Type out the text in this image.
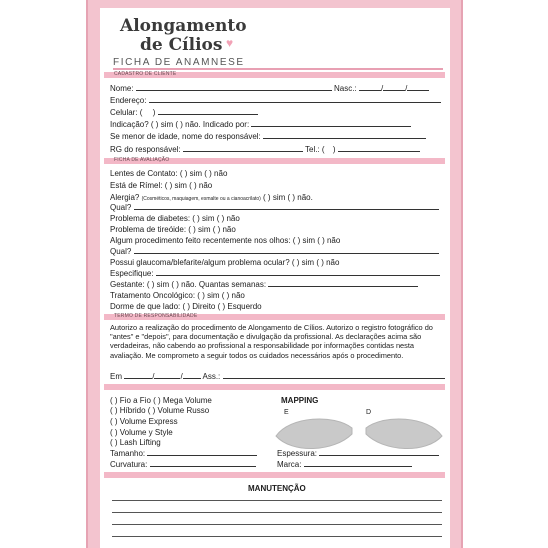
Alongamento
de Cílios ♥
FICHA DE ANAMNESE
CADASTRO DE CLIENTE
Nome:	Nasc.:	/	/
Endereço:
Celular: ( )
Indicação? ( ) sim ( ) não. Indicado por:
Se menor de idade, nome do responsável:
RG do responsável:	Tel.: ( )
FICHA DE AVALIAÇÃO
Lentes de Contato: ( ) sim ( ) não
Está de Rímel: ( ) sim ( ) não
Alergia? (Cosméticos, maquiagem, esmalte ou a cianoacrilato) ( ) sim ( ) não.
Qual?
Problema de diabetes: ( ) sim ( ) não
Problema de tireóide: ( ) sim ( ) não
Algum procedimento feito recentemente nos olhos: ( ) sim ( ) não
Qual?
Possui glaucoma/blefarite/algum problema ocular? ( ) sim ( ) não
Especifique:
Gestante: ( ) sim ( ) não. Quantas semanas:
Tratamento Oncológico: ( ) sim ( ) não
Dorme de que lado: ( ) Direito ( ) Esquerdo
TERMO DE RESPONSABILIDADE
Autorizo a realização do procedimento de Alongamento de Cílios. Autorizo o registro fotográfico do "antes" e "depois", para documentação e divulgação da profissional. As declarações acima são verdadeiras, não cabendo ao profissional a responsabilidade por informações contidas nesta avaliação. Me comprometo a seguir todos os cuidados necessários após o procedimento.
Em	/	/ Ass.:
( ) Fio a Fio ( ) Mega Volume
( ) Híbrido ( ) Volume Russo
( ) Volume Express
( ) Volume y Style
( ) Lash Lifting
Tamanho:
Curvatura:
Espessura:
Marca:
MAPPING
E	D
MANUTENÇÃO
